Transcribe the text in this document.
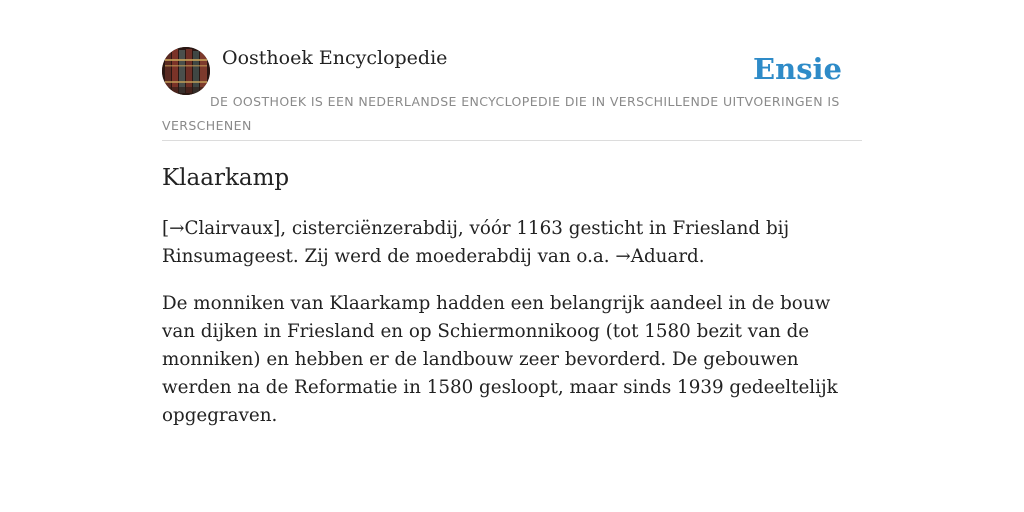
Oosthoek Encyclopedie	Ensie

DE OOSTHOEK IS EEN NEDERLANDSE ENCYCLOPEDIE DIE IN VERSCHILLENDE UITVOERINGEN IS VERSCHENEN

Klaarkamp

[→Clairvaux], cisterciënzerabdij, vóór 1163 gesticht in Friesland bij Rinsumageest. Zij werd de moederabdij van o.a. →Aduard.

De monniken van Klaarkamp hadden een belangrijk aandeel in de bouw van dijken in Friesland en op Schiermonnikoog (tot 1580 bezit van de monniken) en hebben er de landbouw zeer bevorderd. De gebouwen werden na de Reformatie in 1580 gesloopt, maar sinds 1939 gedeeltelijk opgegraven.
